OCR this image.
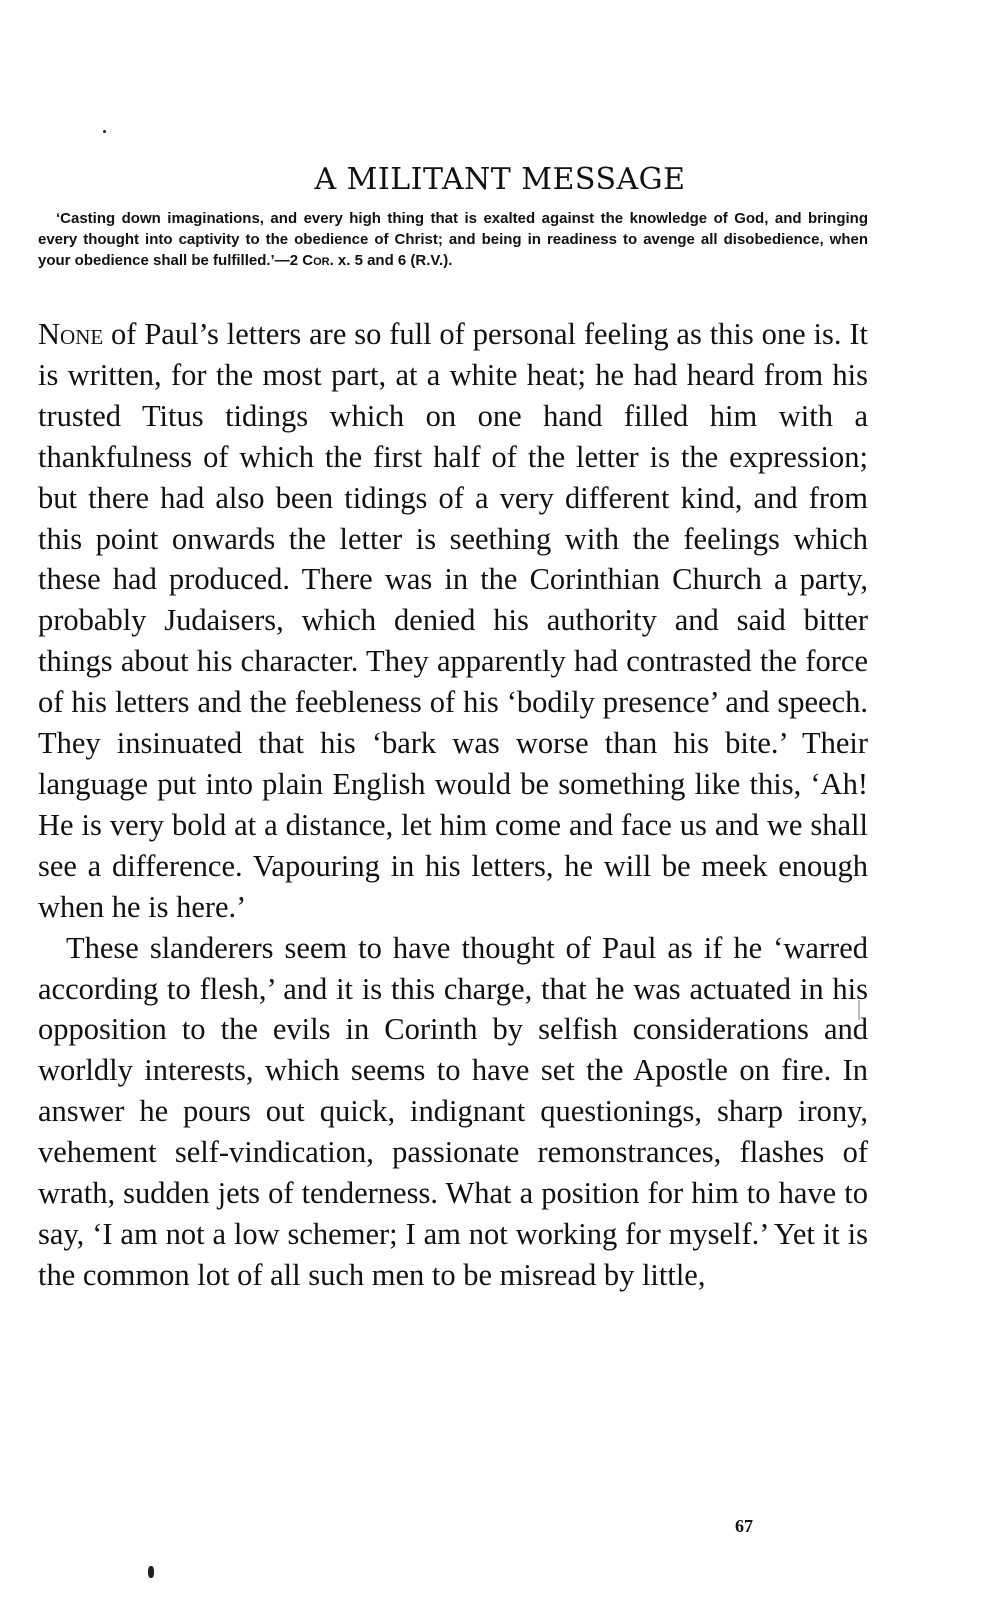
A MILITANT MESSAGE
‘Casting down imaginations, and every high thing that is exalted against the knowledge of God, and bringing every thought into captivity to the obedience of Christ; and being in readiness to avenge all disobedience, when your obedience shall be fulfilled.’—2 Cor. x. 5 and 6 (R.V.).

None of Paul’s letters are so full of personal feeling as this one is. It is written, for the most part, at a white heat; he had heard from his trusted Titus tidings which on one hand filled him with a thankfulness of which the first half of the letter is the expression; but there had also been tidings of a very different kind, and from this point onwards the letter is seething with the feelings which these had produced. There was in the Corinthian Church a party, probably Judaisers, which denied his authority and said bitter things about his character. They apparently had contrasted the force of his letters and the feebleness of his ‘bodily presence’ and speech. They insinuated that his ‘bark was worse than his bite.’ Their language put into plain English would be something like this, ‘Ah! He is very bold at a distance, let him come and face us and we shall see a difference. Vapouring in his letters, he will be meek enough when he is here.’

These slanderers seem to have thought of Paul as if he ‘warred according to flesh,’ and it is this charge, that he was actuated in his opposition to the evils in Corinth by selfish considerations and worldly interests, which seems to have set the Apostle on fire. In answer he pours out quick, indignant questionings, sharp irony, vehement self-vindication, passionate remonstrances, flashes of wrath, sudden jets of tenderness. What a position for him to have to say, ‘I am not a low schemer; I am not working for myself.’ Yet it is the common lot of all such men to be misread by little,

67
